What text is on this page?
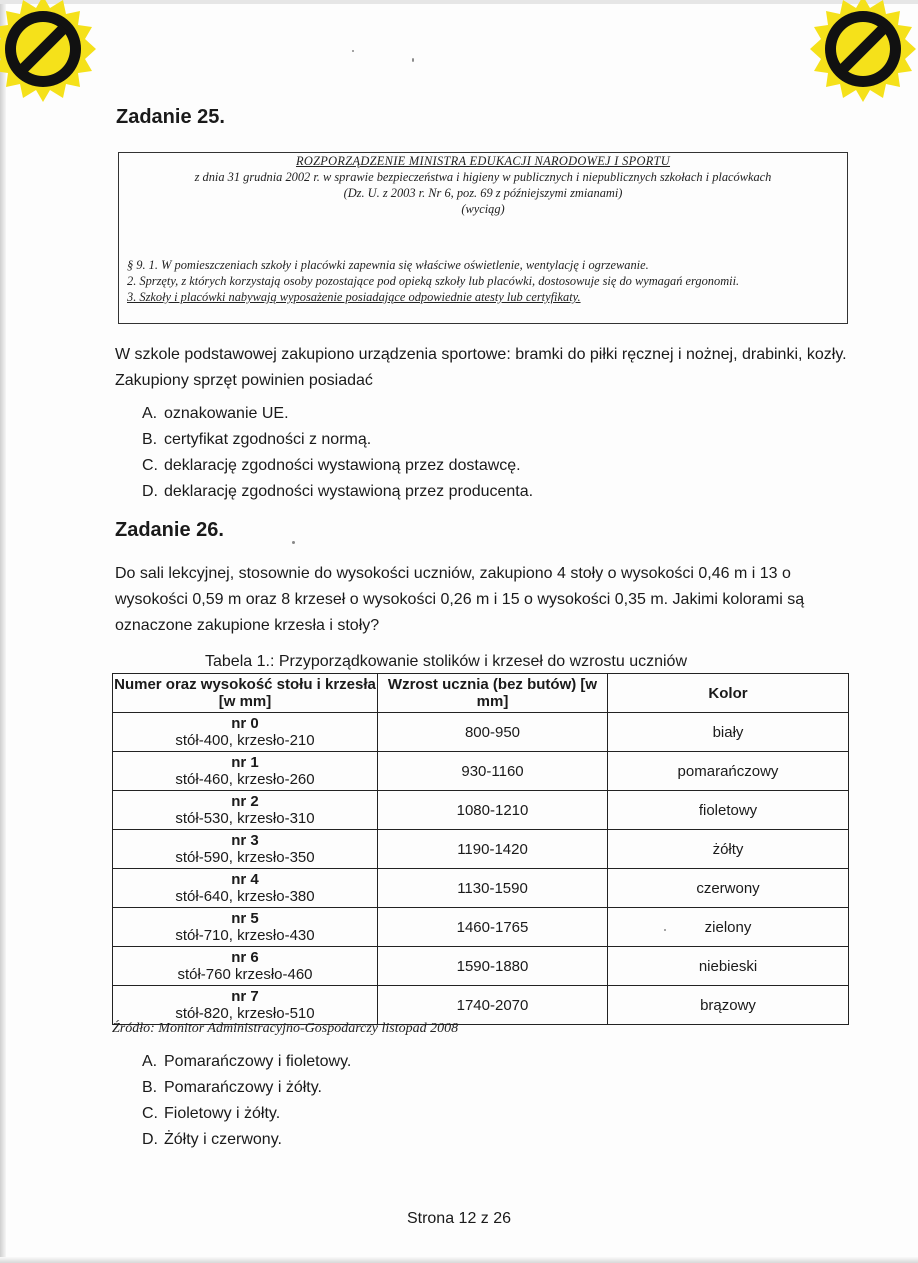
Zadanie 25.
ROZPORZĄDZENIE MINISTRA EDUKACJI NARODOWEJ I SPORTU
z dnia 31 grudnia 2002 r. w sprawie bezpieczeństwa i higieny w publicznych i niepublicznych szkołach i placówkach
(Dz. U. z 2003 r. Nr 6, poz. 69 z późniejszymi zmianami)
(wyciąg)
§ 9. 1. W pomieszczeniach szkoły i placówki zapewnia się właściwe oświetlenie, wentylację i ogrzewanie.
2. Sprzęty, z których korzystają osoby pozostające pod opieką szkoły lub placówki, dostosowuje się do wymagań ergonomii.
3. Szkoły i placówki nabywają wyposażenie posiadające odpowiednie atesty lub certyfikaty.

W szkole podstawowej zakupiono urządzenia sportowe: bramki do piłki ręcznej i nożnej, drabinki, kozły. Zakupiony sprzęt powinien posiadać

A. oznakowanie UE.
B. certyfikat zgodności z normą.
C. deklarację zgodności wystawioną przez dostawcę.
D. deklarację zgodności wystawioną przez producenta.
Zadanie 26.

Do sali lekcyjnej, stosownie do wysokości uczniów, zakupiono 4 stoły o wysokości 0,46 m i 13 o wysokości 0,59 m oraz 8 krzeseł o wysokości 0,26 m i 15 o wysokości 0,35 m. Jakimi kolorami są oznaczone zakupione krzesła i stoły?

Tabela 1.: Przyporządkowanie stolików i krzeseł do wzrostu uczniów
Numer oraz wysokość stołu i krzesła [w mm]	Wzrost ucznia (bez butów) [w mm]	Kolor

nr 0
stół-400, krzesło-210	800-950	biały

nr 1
stół-460, krzesło-260	930-1160	pomarańczowy

nr 2
stół-530, krzesło-310	1080-1210	fioletowy

nr 3
stół-590, krzesło-350	1190-1420	żółty

nr 4
stół-640, krzesło-380	1130-1590	czerwony

nr 5
stół-710, krzesło-430	1460-1765	zielony

nr 6
stół-760 krzesło-460	1590-1880	niebieski

nr 7
stół-820, krzesło-510	1740-2070	brązowy
Źródło: Monitor Administracyjno-Gospodarczy listopad 2008
A. Pomarańczowy i fioletowy.
B. Pomarańczowy i żółty.
C. Fioletowy i żółty.
D. Żółty i czerwony.
Strona 12 z 26
